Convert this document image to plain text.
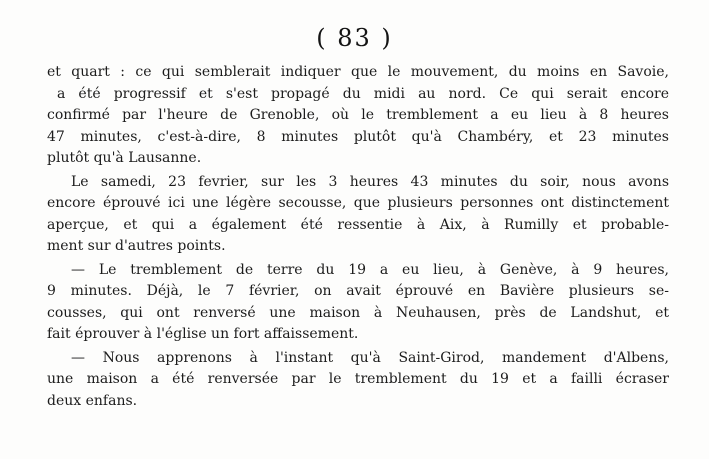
( 83 )
et quart : ce qui semblerait indiquer que le mouvement, du moins en Savoie,
a été progressif et s'est propagé du midi au nord. Ce qui serait encore
confirmé par l'heure de Grenoble, où le tremblement a eu lieu à 8 heures
47 minutes, c'est-à-dire, 8 minutes plutôt qu'à Chambéry, et 23 minutes
plutôt qu'à Lausanne.
Le samedi, 23 fevrier, sur les 3 heures 43 minutes du soir, nous avons
encore éprouvé ici une légère secousse, que plusieurs personnes ont distinctement
aperçue, et qui a également été ressentie à Aix, à Rumilly et probable-
ment sur d'autres points.
— Le tremblement de terre du 19 a eu lieu, à Genève, à 9 heures,
9 minutes. Déjà, le 7 février, on avait éprouvé en Bavière plusieurs se-
cousses, qui ont renversé une maison à Neuhausen, près de Landshut, et
fait éprouver à l'église un fort affaissement.
— Nous apprenons à l'instant qu'à Saint-Girod, mandement d'Albens,
une maison a été renversée par le tremblement du 19 et a failli écraser
deux enfans.
